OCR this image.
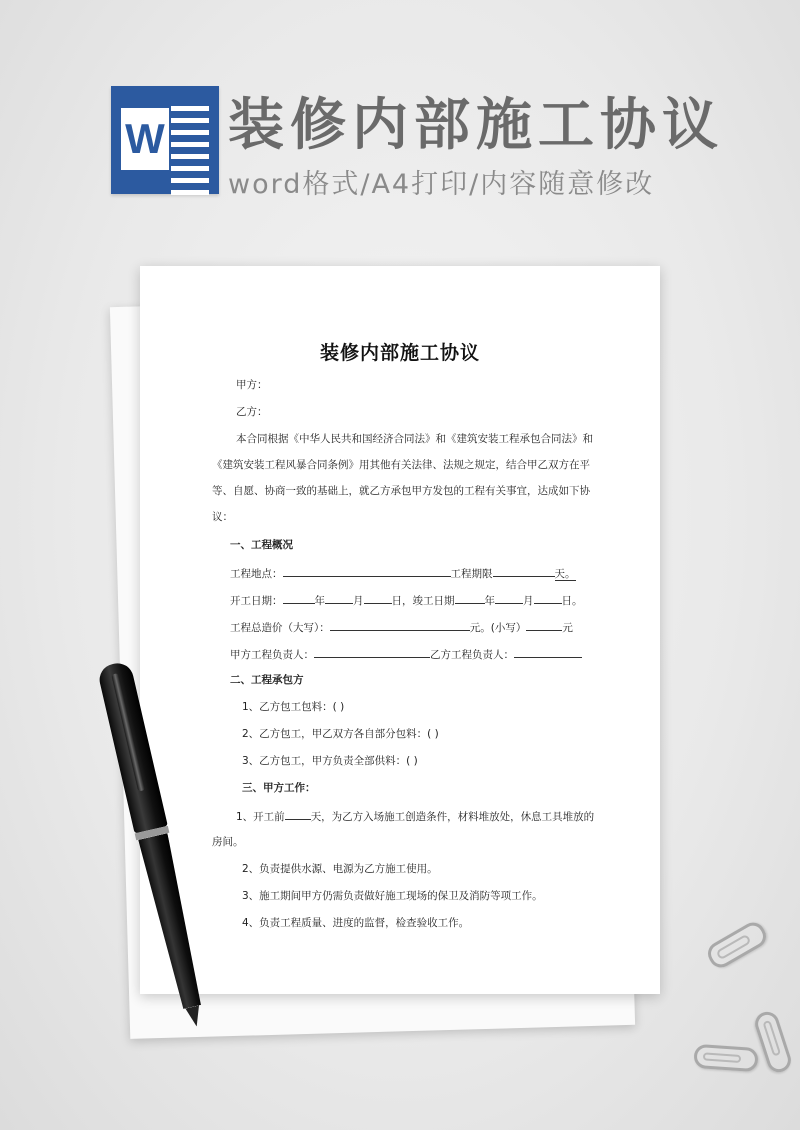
W 装修内部施工协议
word格式/A4打印/内容随意修改
装修内部施工协议
甲方：
乙方：
本合同根据《中华人民共和国经济合同法》和《建筑安装工程承包合同法》和
《建筑安装工程风暴合同条例》用其他有关法律、法规之规定，结合甲乙双方在平
等、自愿、协商一致的基础上，就乙方承包甲方发包的工程有关事宜，达成如下协
议：
一、工程概况
工程地点：	工程期限	天。
开工日期：	年	月	日，竣工日期	年	月	日。
工程总造价（大写）：	元。(小写）	元
甲方工程负责人：	乙方工程负责人：
二、工程承包方
1、乙方包工包料：( )
2、乙方包工，甲乙双方各自部分包料：( )
3、乙方包工，甲方负责全部供料：( )
三、甲方工作：
1、开工前 天，为乙方入场施工创造条件，材料堆放处，休息工具堆放的
房间。
2、负责提供水源、电源为乙方施工使用。
3、施工期间甲方仍需负责做好施工现场的保卫及消防等项工作。
4、负责工程质量、进度的监督，检查验收工作。
